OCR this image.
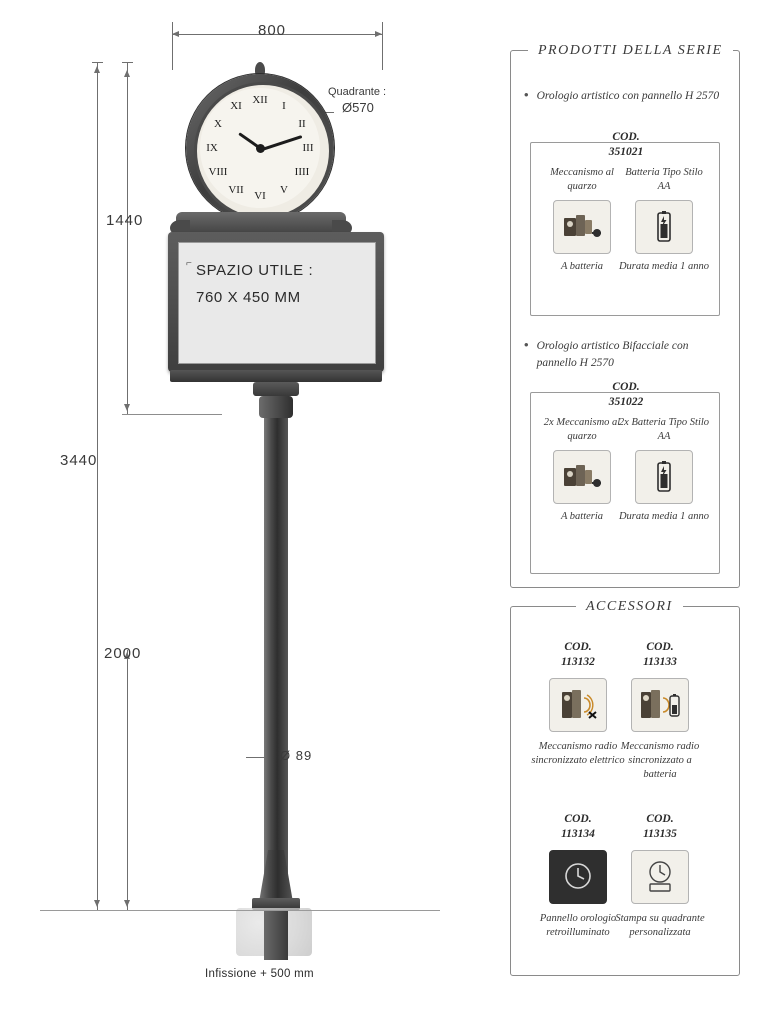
800
1440
3440
2000
Quadrante :
Ø570
XII I
II
III
IIII
V
VI
VII
VIII
IX
X
XI
⌐ SPAZIO UTILE :
760 X 450 MM
Ø 89
Infissione + 500 mm
PRODOTTI DELLA SERIE
• Orologio artistico con pannello H 2570
COD.
351021
Meccanismo al quarzo
A batteria
Batteria Tipo Stilo AA
Durata media 1 anno
• Orologio artistico Bifacciale con pannello H 2570
COD.
351022
2x Meccanismo al quarzo
A batteria
2x Batteria Tipo Stilo AA
Durata media 1 anno
ACCESSORI
COD.
113132
Meccanismo radio sincronizzato elettrico
COD.
113133
Meccanismo radio sincronizzato a batteria
COD.
113134
Pannello orologio retroilluminato
COD.
113135
Stampa su quadrante personalizzata
